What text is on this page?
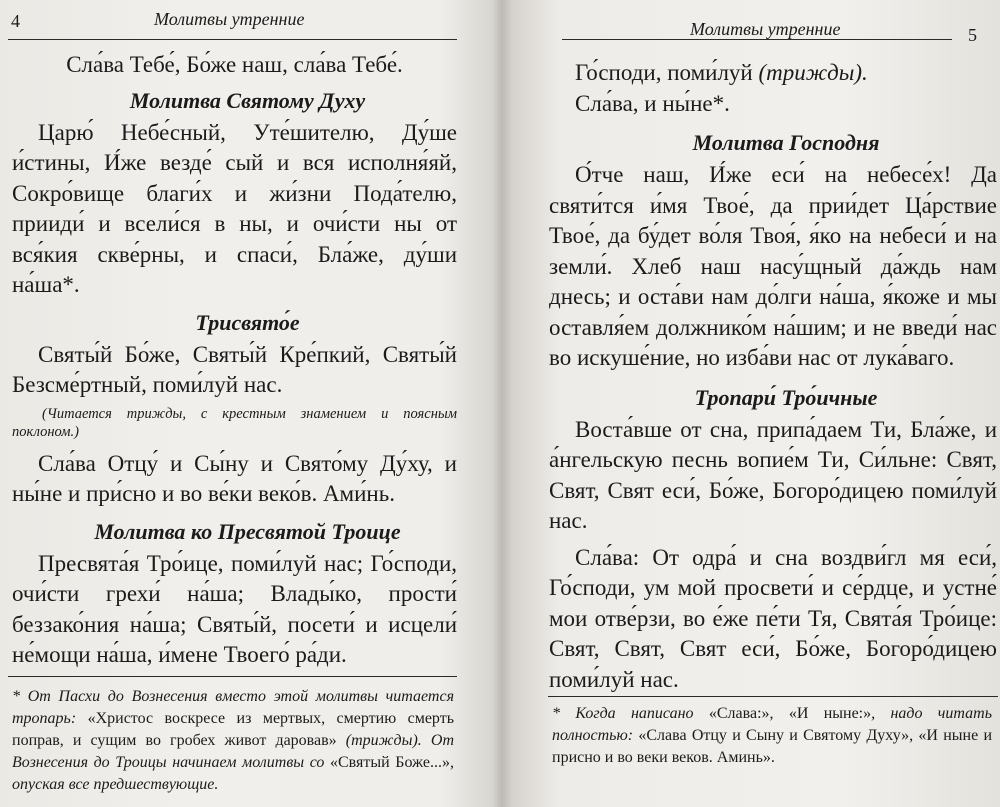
4	Молитвы утренние

Сла́ва Тебе́, Бо́же наш, сла́ва Тебе́.

Молитва Святому Духу

Царю́ Небе́сный, Уте́шителю, Ду́ше и́стины, И́же везде́ сый и вся исполня́яй, Сокро́вище благи́х и жи́зни Пода́телю, прииди́ и всели́ся в ны, и очи́сти ны от вся́кия скве́рны, и спаси́, Бла́же, ду́ши на́ша*.

Трисвято́е

Святы́й Бо́же, Святы́й Кре́пкий, Святы́й Безсме́ртный, поми́луй нас.

(Читается трижды, с крестным знамением и поясным поклоном.)

Сла́ва Отцу́ и Сы́ну и Свято́му Ду́ху, и ны́не и при́сно и во ве́ки веко́в. Ами́нь.

Молитва ко Пресвятой Троице

Пресвята́я Тро́ице, поми́луй нас; Го́споди, очи́сти грехи́ на́ша; Влады́ко, прости́ беззако́ния на́ша; Святы́й, посети́ и исцели́ не́мощи на́ша, и́мене Твоего́ ра́ди.

* От Пасхи до Вознесения вместо этой молитвы читается тропарь: «Христос воскресе из мертвых, смертию смерть поправ, и сущим во гробех живот даровав» (трижды). От Вознесения до Троицы начинаем молитвы со «Святый Боже...», опуская все предшествующие.
Молитвы утренние	5

Го́споди, поми́луй (трижды).

Сла́ва, и ны́не*.

Молитва Господня

О́тче наш, И́же еси́ на небесе́х! Да святи́тся и́мя Твое́, да прии́дет Ца́рствие Твое́, да бу́дет во́ля Твоя́, я́ко на небеси́ и на земли́. Хлеб наш насу́щный да́ждь нам днесь; и оста́ви нам до́лги на́ша, я́коже и мы оставля́ем должнико́м на́шим; и не введи́ нас во искуше́ние, но изба́ви нас от лука́ваго.

Тропари́ Тро́ичные

Воста́вше от сна, припа́даем Ти, Бла́же, и а́нгельскую песнь вопие́м Ти, Си́льне: Свят, Свят, Свят еси́, Бо́же, Богоро́дицею поми́луй нас.

Сла́ва: От одра́ и сна воздви́гл мя еси́, Го́споди, ум мой просвети́ и се́рдце, и устне́ мои отве́рзи, во е́же пе́ти Тя, Свята́я Тро́ице: Свят, Свят, Свят еси́, Бо́же, Богоро́дицею поми́луй нас.

* Когда написано «Слава:», «И ныне:», надо читать полностью: «Слава Отцу и Сыну и Святому Духу», «И ныне и присно и во веки веков. Аминь».
